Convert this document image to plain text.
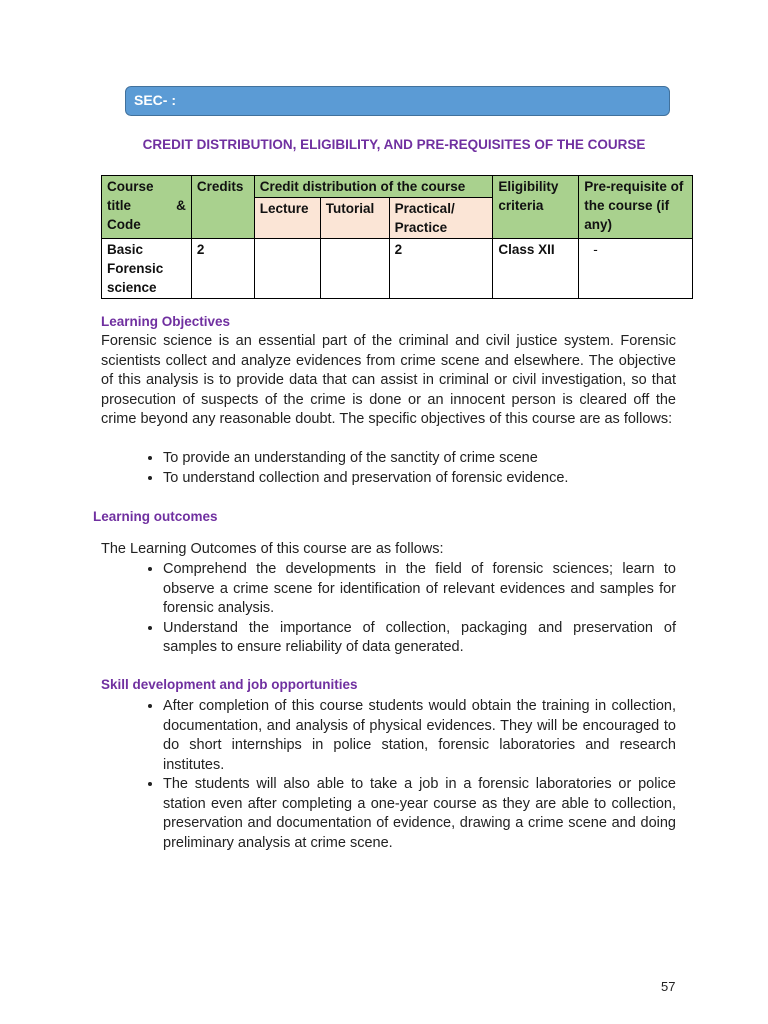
SEC- :
CREDIT DISTRIBUTION, ELIGIBILITY, AND PRE-REQUISITES OF THE COURSE
Course
title &
Code	Credits	Credit distribution of the course			Eligibility criteria	Pre-requisite of the course (if any)
		Lecture	Tutorial	Practical/ Practice		
Basic Forensic science	2			2	Class XII	-
Learning Objectives
Forensic science is an essential part of the criminal and civil justice system. Forensic scientists collect and analyze evidences from crime scene and elsewhere. The objective of this analysis is to provide data that can assist in criminal or civil investigation, so that prosecution of suspects of the crime is done or an innocent person is cleared off the crime beyond any reasonable doubt. The specific objectives of this course are as follows:
• To provide an understanding of the sanctity of crime scene
• To understand collection and preservation of forensic evidence.
Learning outcomes
The Learning Outcomes of this course are as follows:
• Comprehend the developments in the field of forensic sciences; learn to observe a crime scene for identification of relevant evidences and samples for forensic analysis.
• Understand the importance of collection, packaging and preservation of samples to ensure reliability of data generated.
Skill development and job opportunities
• After completion of this course students would obtain the training in collection, documentation, and analysis of physical evidences. They will be encouraged to do short internships in police station, forensic laboratories and research institutes.
• The students will also able to take a job in a forensic laboratories or police station even after completing a one-year course as they are able to collection, preservation and documentation of evidence, drawing a crime scene and doing preliminary analysis at crime scene.
57
